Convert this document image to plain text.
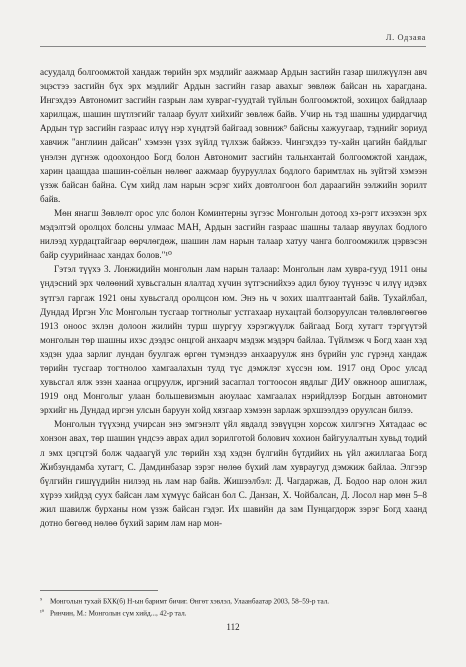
Л. Одзаяа

асуудалд болгоомжтой хандаж төрийн эрх мэдлийг аажмаар Ардын засгийн газар шилжүүлэн авч эцэстээ засгийн бүх эрх мэдлийг Ардын засгийн газар авахыг зөвлөж байсан нь харагдана. Ингэхдээ Автономит засгийн газрын лам хувраг-гуудтай түйлын болгоомжтой, зохицох байдлаар харилцаж, шашин шүтлэгийг талаар буулт хийхийг зөвлөж байв. Учир нь тэд шашны удирдагчид Ардын түр засгийн газраас илүү нэр хүндтэй байгаад зовниж⁹ байсны хажуугаар, тэднийг зориуд хавчиж "англиин дайсан" хэмээн үзэх зүйлд түлхэж байжээ. Чингэхдээ ту-хайн цагийн байдлыг үнэлэн дүгнэж одоохондоо Богд болон Автономит засгийн тальнхантай болгоомжтой хандаж, харин цаашдаа шашин-соёлын нөлөөг аажмаар буурууллах бодлого баримтлах нь зүйтэй хэмээн үзэж байсан байна. Сүм хийд лам нарын эсрэг хийх довтолгоон бол дараагийн ээлжийн зорилт байв.

Мөн янагш Зөвлөлт орос улс болон Коминтерны зүгээс Монголын дотоод хэ-рэгт ихээхэн эрх мэдэлтэй оролцох болсны улмаас МАН, Ардын засгийн газраас шашны талаар явуулах бодлого нилээд хурдацтайгаар өөрчлөгдөж, шашин лам нарын талаар хатуу чанга болгоомжилж цэрвэсэн байр суурийнаас хандах болов."¹⁰

Гэтэл түүхэ 3. Лонжидийн монголын лам нарын талаар: Монголын лам хувра-гууд 1911 оны үндэсний эрх чөлөөний хувьсгалын ялалтад хүчин зүтгэснийхээ адил буюу түүнээс ч илүү идэвх зүтгэл гаргаж 1921 оны хувьсгалд оролцсон юм. Энэ нь ч зохих шалтгаантай байв. Тухайлбал, Дундад Иргэн Улс Монголын тусгаар тогтнолыг устгахаар нухацтай болзоруулсан төлөвлөгөөгөө 1913 оноос эхлэн долоон жилийн турш шургуу хэрэгжүүлж байгаад Богд хутагт тэргүүтэй монголын төр шашны ихэс дээдэс онцгой анхаарч мэдэж мэдэрч байлаа. Түйлмэж ч Богд хаан хэд хэдэн удаа зарлиг лундан буулгаж өргөн түмэндээ анхааруулж янз бүрийн улс гүрэнд хандаж төрийн тусгаар тогтнолоо хамгаалахын тулд түс дэмжлэг хүссэн юм. 1917 онд Орос улсад хувьсгал ялж эзэн хаанаа огцруулж, иргэний засаглал тогтоосон явдлыг ДИУ овжноор ашиглаж, 1919 онд Монголыг улаан большевизмын аюулаас хамгаалах нэрийдлээр Богдын автономит эрхийг нь Дундад иргэн улсын баруун хойд хязгаар хэмээн зарлаж эрхшээлдээ оруулсан билээ.

Монголын түүхэнд учирсан энэ эмгэнэлт үйл явдалд зэвүүцэн хорсож хилгэгнэ Хятадаас өс хонзон авах, төр шашин үндсээ аврах адил зорилготой болович хохион байгуулалтын хувьд тодий л эмх цэгцтэй болж чадаагүй улс төрийн хэд хэдэн бүлгийн бүтдийих нь үйл ажиллагаа Богд Жибзундамба хутагт, С. Дамдинбазар зэрэг нөлөө бүхий лам хувраугуд дэмжиж байлаа. Элгээр бүлгийн гишүүдийн нилээд нь лам нар байв. Жишээлбэл: Д. Чагдаржав, Д. Бодоо нар олон жил хүрээ хийдэд суух байсан лам хүмүүс байсан бол С. Данзан, Х. Чойбалсан, Д. Лосол нар мөн 5–8 жил шавилж бурханы ном үзэж байсан гэдэг. Их шавийн да зам Пунцагдорж зэрэг Богд хаанд дотно бөгөөд нөлөө бүхий зарим лам нар мон-

⁹ Монголын тухай БХК(б) Н-ын баримт бичиг. Өнгөт хэвлэл, Улаанбаатар 2003, 58–59-р тал.

¹⁰ Ринчин, М.: Монголын сүм хийд..., 42-р тал.

112
